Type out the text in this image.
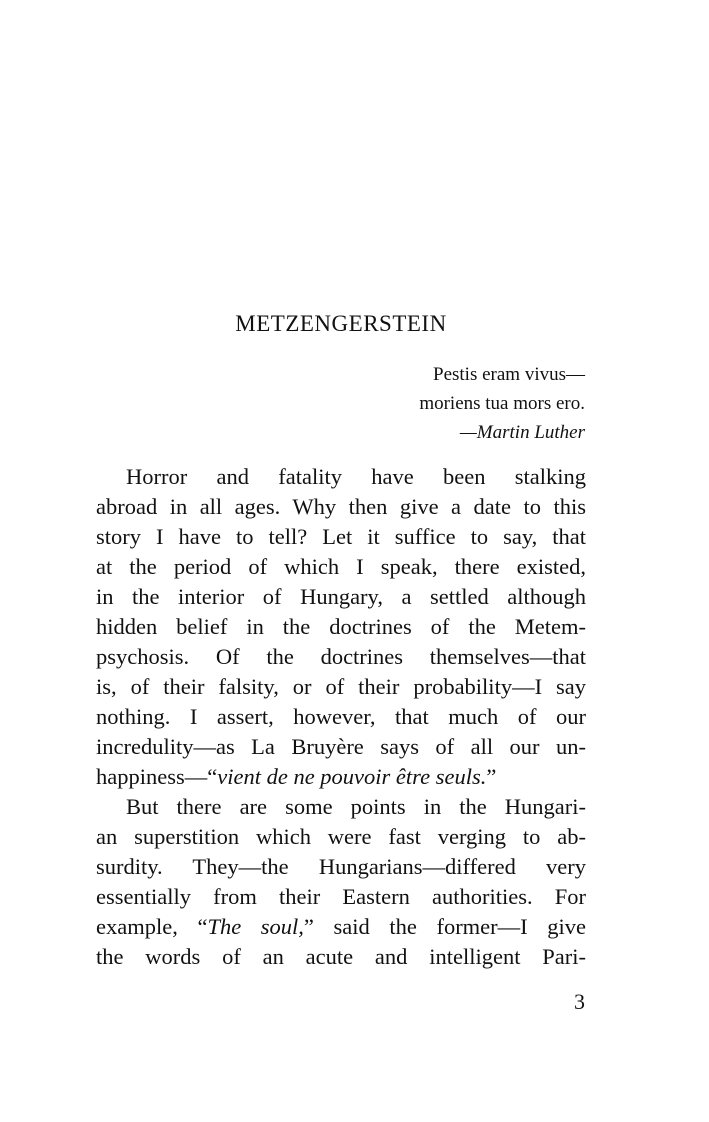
METZENGERSTEIN
Pestis eram vivus—
moriens tua mors ero.
—Martin Luther
Horror and fatality have been stalking
abroad in all ages. Why then give a date to this
story I have to tell? Let it suffice to say, that
at the period of which I speak, there existed,
in the interior of Hungary, a settled although
hidden belief in the doctrines of the Metem-
psychosis. Of the doctrines themselves—that
is, of their falsity, or of their probability—I say
nothing. I assert, however, that much of our
incredulity—as La Bruyère says of all our un-
happiness—“vient de ne pouvoir être seuls.”
But there are some points in the Hungari-
an superstition which were fast verging to ab-
surdity. They—the Hungarians—differed very
essentially from their Eastern authorities. For
example, “The soul,” said the former—I give
the words of an acute and intelligent Pari-
3
